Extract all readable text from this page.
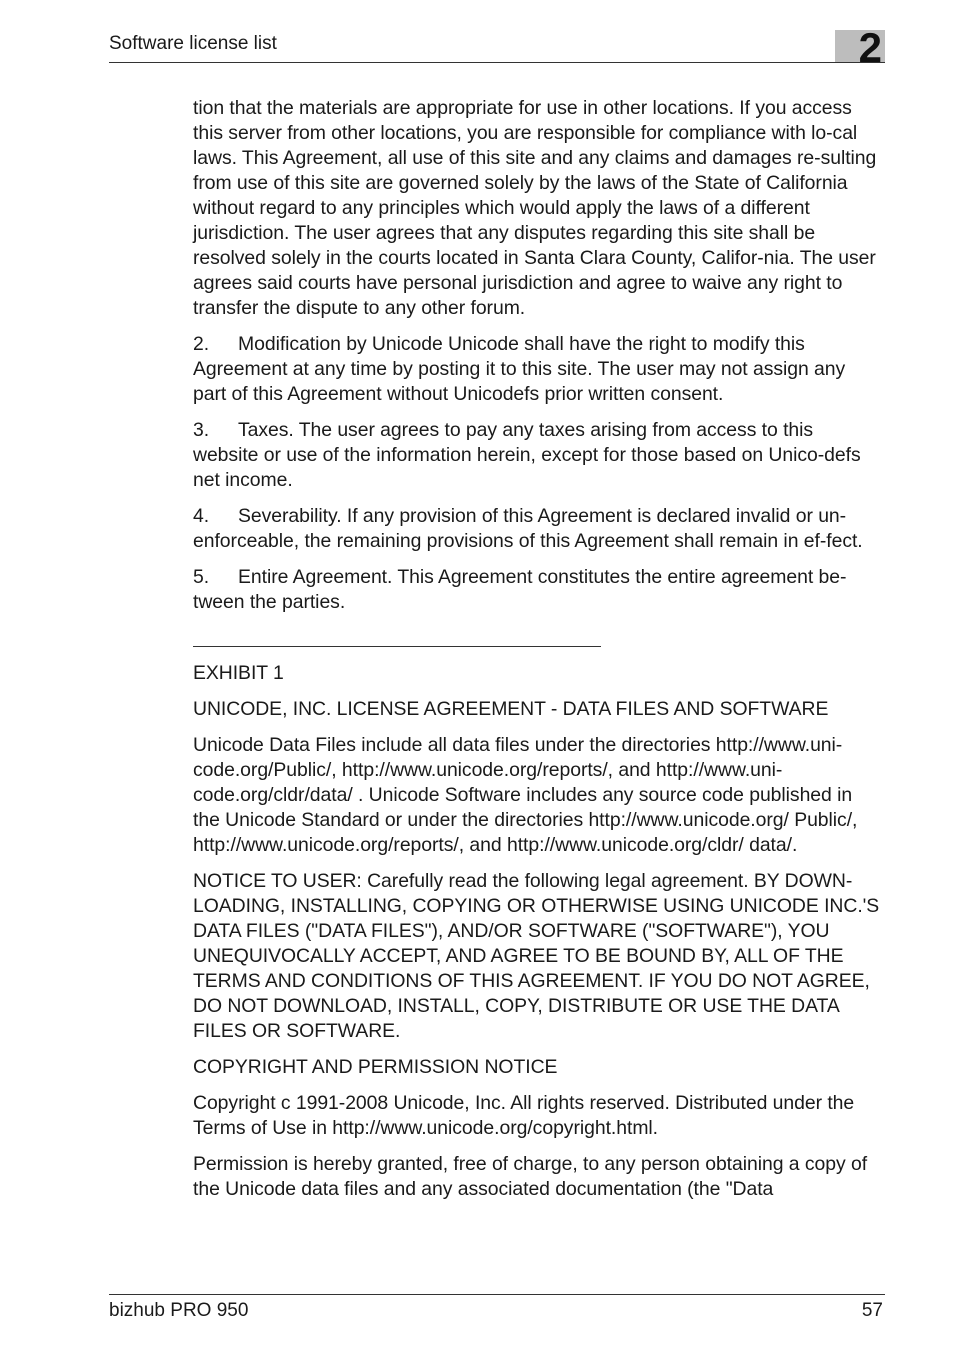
Software license list	2

tion that the materials are appropriate for use in other locations. If you access this server from other locations, you are responsible for compliance with lo-cal laws. This Agreement, all use of this site and any claims and damages re-sulting from use of this site are governed solely by the laws of the State of California without regard to any principles which would apply the laws of a different jurisdiction. The user agrees that any disputes regarding this site shall be resolved solely in the courts located in Santa Clara County, Califor-nia. The user agrees said courts have personal jurisdiction and agree to waive any right to transfer the dispute to any other forum.

2. Modification by Unicode Unicode shall have the right to modify this Agreement at any time by posting it to this site. The user may not assign any part of this Agreement without Unicodefs prior written consent.

3. Taxes. The user agrees to pay any taxes arising from access to this website or use of the information herein, except for those based on Unico-defs net income.

4. Severability. If any provision of this Agreement is declared invalid or un-enforceable, the remaining provisions of this Agreement shall remain in ef-fect.

5. Entire Agreement. This Agreement constitutes the entire agreement be-tween the parties.

EXHIBIT 1

UNICODE, INC. LICENSE AGREEMENT - DATA FILES AND SOFTWARE

Unicode Data Files include all data files under the directories http://www.uni-code.org/Public/, http://www.unicode.org/reports/, and http://www.uni-code.org/cldr/data/ . Unicode Software includes any source code published in the Unicode Standard or under the directories http://www.unicode.org/ Public/, http://www.unicode.org/reports/, and http://www.unicode.org/cldr/ data/.

NOTICE TO USER: Carefully read the following legal agreement. BY DOWN-LOADING, INSTALLING, COPYING OR OTHERWISE USING UNICODE INC.'S DATA FILES ("DATA FILES"), AND/OR SOFTWARE ("SOFTWARE"), YOU UNEQUIVOCALLY ACCEPT, AND AGREE TO BE BOUND BY, ALL OF THE TERMS AND CONDITIONS OF THIS AGREEMENT. IF YOU DO NOT AGREE, DO NOT DOWNLOAD, INSTALL, COPY, DISTRIBUTE OR USE THE DATA FILES OR SOFTWARE.

COPYRIGHT AND PERMISSION NOTICE

Copyright c 1991-2008 Unicode, Inc. All rights reserved. Distributed under the Terms of Use in http://www.unicode.org/copyright.html.

Permission is hereby granted, free of charge, to any person obtaining a copy of the Unicode data files and any associated documentation (the "Data

bizhub PRO 950	57
